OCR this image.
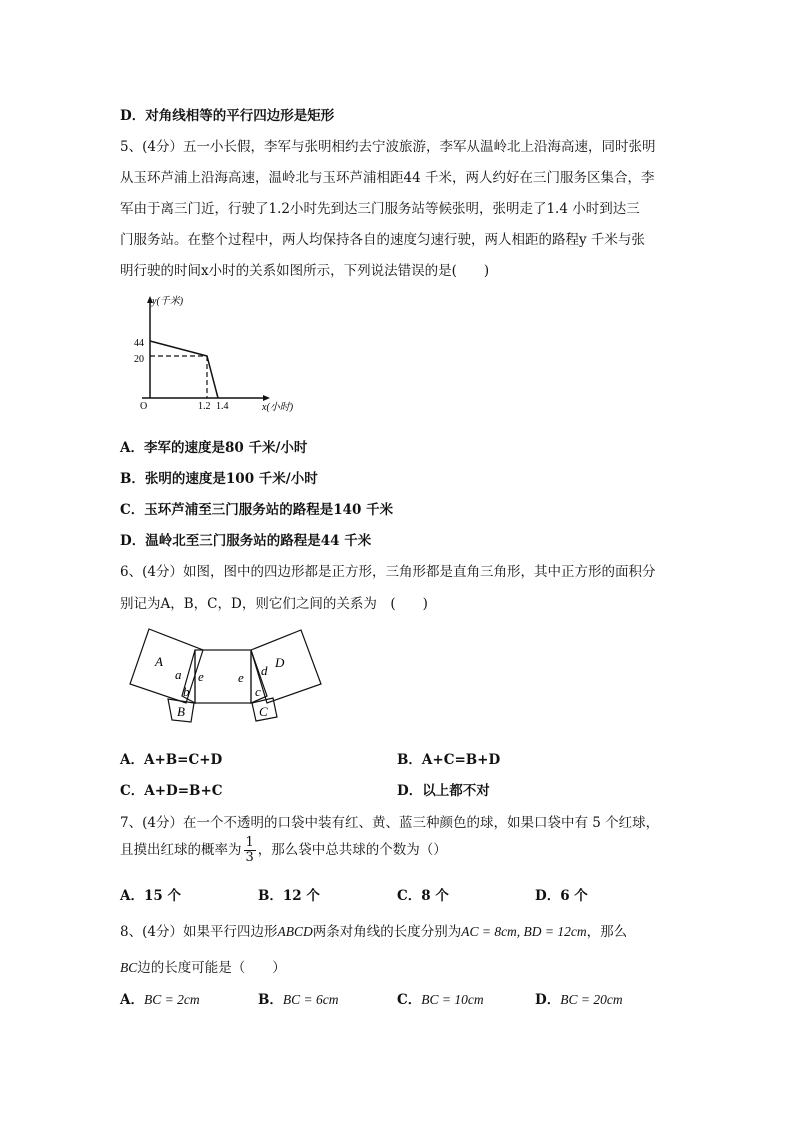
D．对角线相等的平行四边形是矩形
5、(4分）五一小长假，李军与张明相约去宁波旅游，李军从温岭北上沿海高速，同时张明
从玉环芦浦上沿海高速，温岭北与玉环芦浦相距44 千米，两人约好在三门服务区集合，李
军由于离三门近，行驶了1.2小时先到达三门服务站等候张明，张明走了1.4 小时到达三
门服务站。在整个过程中，两人均保持各自的速度匀速行驶，两人相距的路程y 千米与张
明行驶的时间x小时的关系如图所示，下列说法错误的是(　　)
y(千米)
44
20
O	1.2 1.4	x(小时)
A．李军的速度是80 千米/小时
B．张明的速度是100 千米/小时
C．玉环芦浦至三门服务站的路程是140 千米
D．温岭北至三门服务站的路程是44 千米
6、(4分）如图，图中的四边形都是正方形，三角形都是直角三角形，其中正方形的面积分
别记为A，B，C，D，则它们之间的关系为　(　　)
A
a
b
B
e	e d
D
c
C
A．A+B=C+D	B．A+C=B+D
C．A+D=B+C	D．以上都不对
7、(4分）在一个不透明的口袋中装有红、黄、蓝三种颜色的球，如果口袋中有 5 个红球，
且摸出红球的概率为 $\frac{1}{3}$ ，那么袋中总共球的个数为（）
A．15 个	B．12 个	C．8 个	D．6 个
8、(4分）如果平行四边形ABCD两条对角线的长度分别为AC = 8cm, BD = 12cm，那么
BC边的长度可能是（　　）
A．BC = 2cm	B．BC = 6cm	C．BC = 10cm	D．BC = 20cm
